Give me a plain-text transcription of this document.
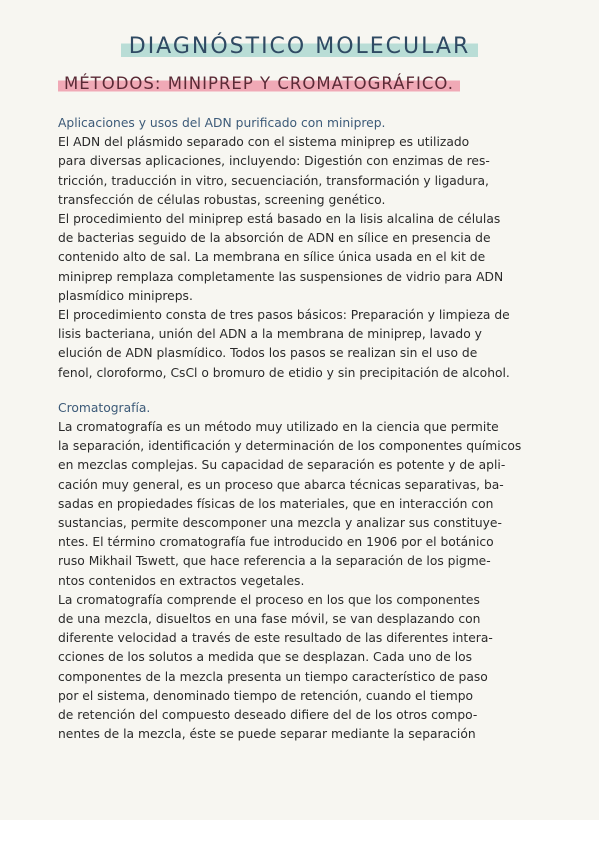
DIAGNÓSTICO MOLECULAR
MÉTODOS: MINIPREP Y CROMATOGRÁFICO.

Aplicaciones y usos del ADN purificado con miniprep.

El ADN del plásmido separado con el sistema miniprep es utilizado
para diversas aplicaciones, incluyendo: Digestión con enzimas de res-
tricción, traducción in vitro, secuenciación, transformación y ligadura,
transfección de células robustas, screening genético.

El procedimiento del miniprep está basado en la lisis alcalina de células
de bacterias seguido de la absorción de ADN en sílice en presencia de
contenido alto de sal. La membrana en sílice única usada en el kit de
miniprep remplaza completamente las suspensiones de vidrio para ADN
plasmídico minipreps.

El procedimiento consta de tres pasos básicos: Preparación y limpieza de
lisis bacteriana, unión del ADN a la membrana de miniprep, lavado y
elución de ADN plasmídico. Todos los pasos se realizan sin el uso de
fenol, cloroformo, CsCl o bromuro de etidio y sin precipitación de alcohol.

Cromatografía.

La cromatografía es un método muy utilizado en la ciencia que permite
la separación, identificación y determinación de los componentes químicos
en mezclas complejas. Su capacidad de separación es potente y de apli-
cación muy general, es un proceso que abarca técnicas separativas, ba-
sadas en propiedades físicas de los materiales, que en interacción con
sustancias, permite descomponer una mezcla y analizar sus constituye-
ntes. El término cromatografía fue introducido en 1906 por el botánico
ruso Mikhail Tswett, que hace referencia a la separación de los pigme-
ntos contenidos en extractos vegetales.

La cromatografía comprende el proceso en los que los componentes
de una mezcla, disueltos en una fase móvil, se van desplazando con
diferente velocidad a través de este resultado de las diferentes intera-
cciones de los solutos a medida que se desplazan. Cada uno de los
componentes de la mezcla presenta un tiempo característico de paso
por el sistema, denominado tiempo de retención, cuando el tiempo
de retención del compuesto deseado difiere del de los otros compo-
nentes de la mezcla, éste se puede separar mediante la separación
